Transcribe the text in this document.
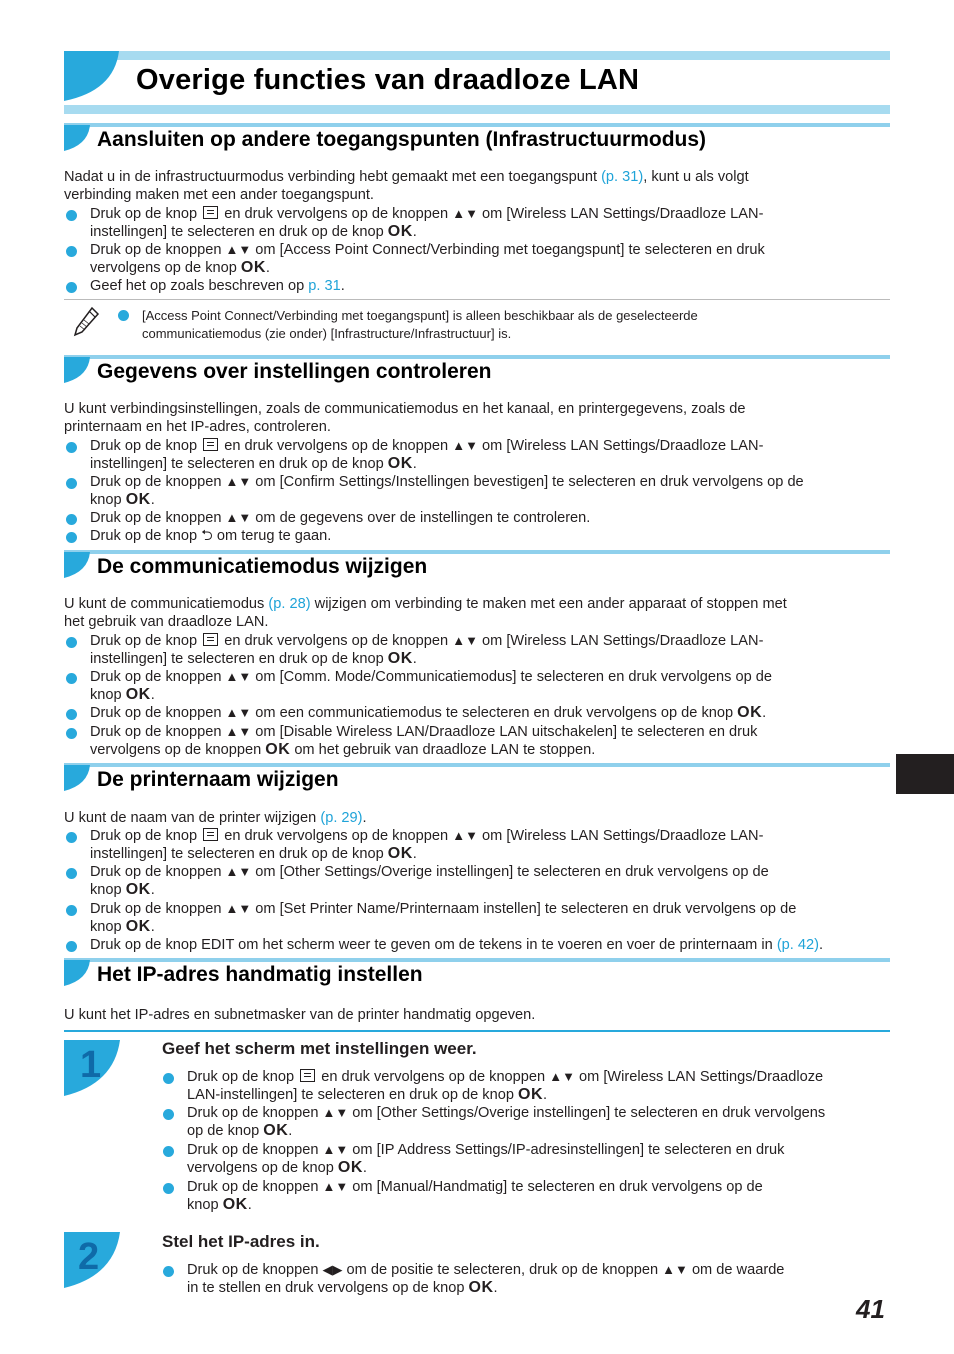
Overige functies van draadloze LAN
Aansluiten op andere toegangspunten (Infrastructuurmodus)
Nadat u in de infrastructuurmodus verbinding hebt gemaakt met een toegangspunt (p. 31), kunt u als volgt
verbinding maken met een ander toegangspunt.
Druk op de knop  en druk vervolgens op de knoppen ▲▼ om [Wireless LAN Settings/Draadloze LAN-
instellingen] te selecteren en druk op de knop OK.
Druk op de knoppen ▲▼ om [Access Point Connect/Verbinding met toegangspunt] te selecteren en druk
vervolgens op de knop OK.
Geef het op zoals beschreven op p. 31.
[Access Point Connect/Verbinding met toegangspunt] is alleen beschikbaar als de geselecteerde
communicatiemodus (zie onder) [Infrastructure/Infrastructuur] is.
Gegevens over instellingen controleren
U kunt verbindingsinstellingen, zoals de communicatiemodus en het kanaal, en printergegevens, zoals de
printernaam en het IP-adres, controleren.
Druk op de knop  en druk vervolgens op de knoppen ▲▼ om [Wireless LAN Settings/Draadloze LAN-
instellingen] te selecteren en druk op de knop OK.
Druk op de knoppen ▲▼ om [Confirm Settings/Instellingen bevestigen] te selecteren en druk vervolgens op de
knop OK.
Druk op de knoppen ▲▼ om de gegevens over de instellingen te controleren.
Druk op de knop ⮌ om terug te gaan.
De communicatiemodus wijzigen
U kunt de communicatiemodus (p. 28) wijzigen om verbinding te maken met een ander apparaat of stoppen met
het gebruik van draadloze LAN.
Druk op de knop  en druk vervolgens op de knoppen ▲▼ om [Wireless LAN Settings/Draadloze LAN-
instellingen] te selecteren en druk op de knop OK.
Druk op de knoppen ▲▼ om [Comm. Mode/Communicatiemodus] te selecteren en druk vervolgens op de
knop OK.
Druk op de knoppen ▲▼ om een communicatiemodus te selecteren en druk vervolgens op de knop OK.
Druk op de knoppen ▲▼ om [Disable Wireless LAN/Draadloze LAN uitschakelen] te selecteren en druk
vervolgens op de knoppen OK om het gebruik van draadloze LAN te stoppen.
De printernaam wijzigen
U kunt de naam van de printer wijzigen (p. 29).
Druk op de knop  en druk vervolgens op de knoppen ▲▼ om [Wireless LAN Settings/Draadloze LAN-
instellingen] te selecteren en druk op de knop OK.
Druk op de knoppen ▲▼ om [Other Settings/Overige instellingen] te selecteren en druk vervolgens op de
knop OK.
Druk op de knoppen ▲▼ om [Set Printer Name/Printernaam instellen] te selecteren en druk vervolgens op de
knop OK.
Druk op de knop EDIT om het scherm weer te geven om de tekens in te voeren en voer de printernaam in (p. 42).
Het IP-adres handmatig instellen
U kunt het IP-adres en subnetmasker van de printer handmatig opgeven.
1	Geef het scherm met instellingen weer.
Druk op de knop  en druk vervolgens op de knoppen ▲▼ om [Wireless LAN Settings/Draadloze
LAN-instellingen] te selecteren en druk op de knop OK.
Druk op de knoppen ▲▼ om [Other Settings/Overige instellingen] te selecteren en druk vervolgens
op de knop OK.
Druk op de knoppen ▲▼ om [IP Address Settings/IP-adresinstellingen] te selecteren en druk
vervolgens op de knop OK.
Druk op de knoppen ▲▼ om [Manual/Handmatig] te selecteren en druk vervolgens op de
knop OK.
2	Stel het IP-adres in.
Druk op de knoppen ◀▶ om de positie te selecteren, druk op de knoppen ▲▼ om de waarde
in te stellen en druk vervolgens op de knop OK.
41
